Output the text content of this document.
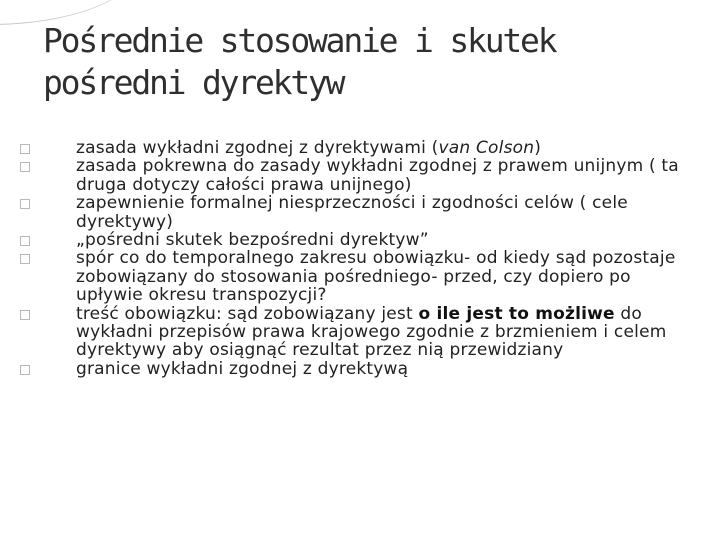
Pośrednie stosowanie i skutek pośredni dyrektyw
zasada wykładni zgodnej z dyrektywami (van Colson)
zasada pokrewna do zasady wykładni zgodnej z prawem unijnym ( ta druga dotyczy całości prawa unijnego)
zapewnienie formalnej niesprzeczności i zgodności celów ( cele dyrektywy)
„pośredni skutek bezpośredni dyrektyw”
spór co do temporalnego zakresu obowiązku- od kiedy sąd pozostaje zobowiązany do stosowania pośredniego- przed, czy dopiero po upływie okresu transpozycji?
treść obowiązku: sąd zobowiązany jest o ile jest to możliwe do wykładni przepisów prawa krajowego zgodnie z brzmieniem i celem dyrektywy aby osiągnąć rezultat przez nią przewidziany
granice wykładni zgodnej z dyrektywą
